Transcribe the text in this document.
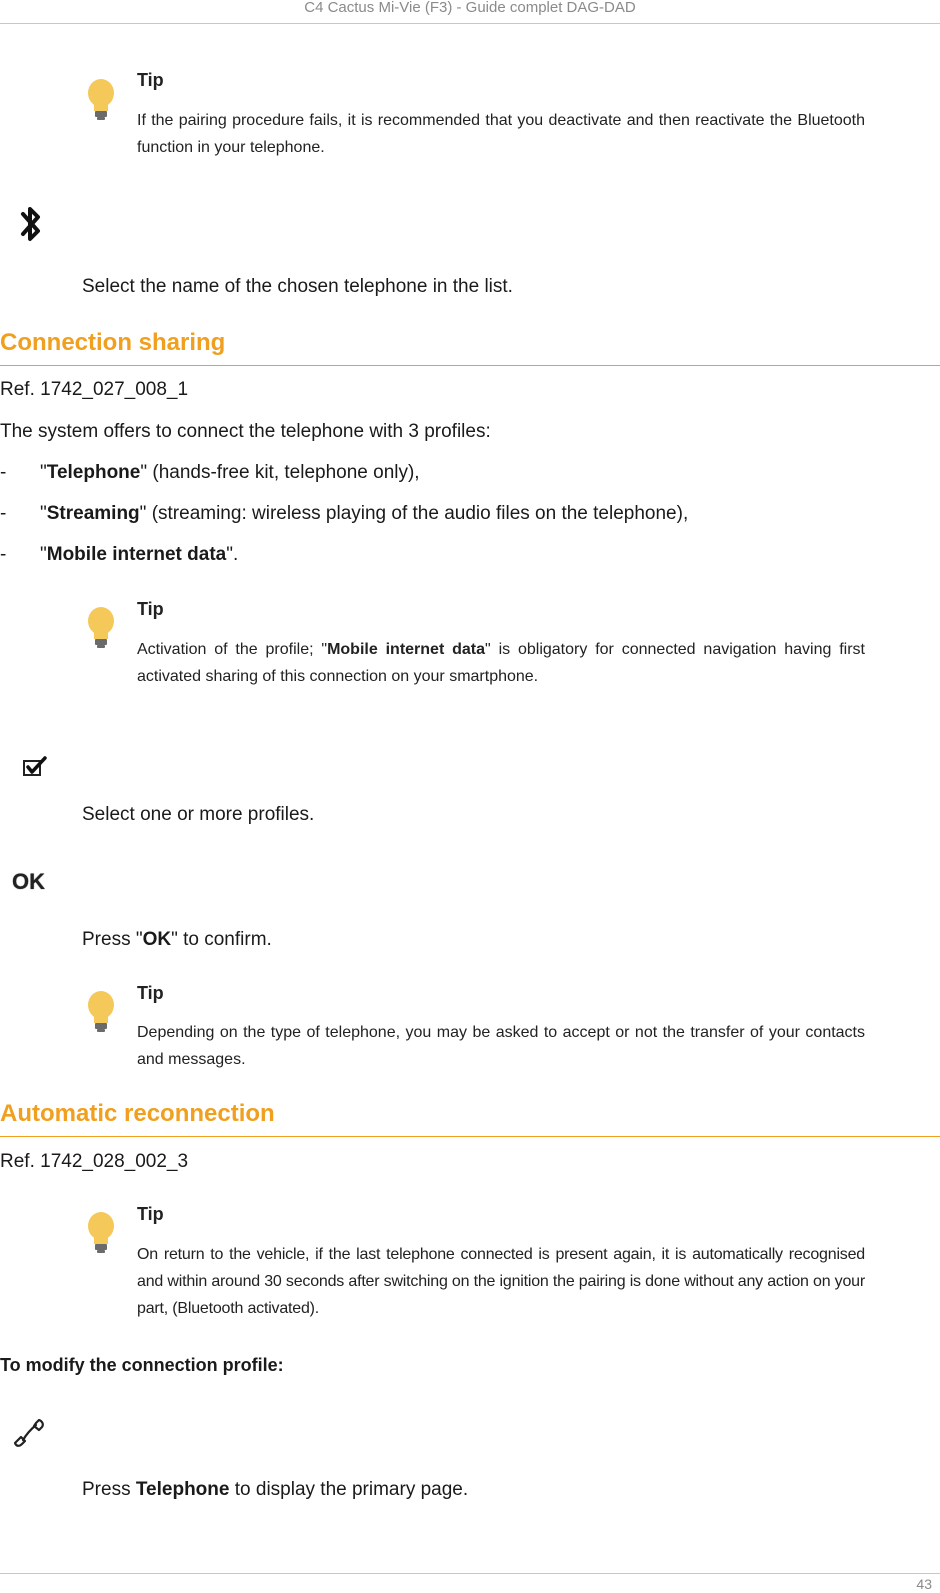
C4 Cactus Mi-Vie (F3) - Guide complet DAG-DAD
Tip
If the pairing procedure fails, it is recommended that you deactivate and then reactivate the Bluetooth function in your telephone.
Select the name of the chosen telephone in the list.
Connection sharing
Ref. 1742_027_008_1
The system offers to connect the telephone with 3 profiles:
- "Telephone" (hands-free kit, telephone only),
- "Streaming" (streaming: wireless playing of the audio files on the telephone),
- "Mobile internet data".
Tip
Activation of the profile; "Mobile internet data" is obligatory for connected navigation having first activated sharing of this connection on your smartphone.
Select one or more profiles.
OK
Press "OK" to confirm.
Tip
Depending on the type of telephone, you may be asked to accept or not the transfer of your contacts and messages.
Automatic reconnection
Ref. 1742_028_002_3
Tip
On return to the vehicle, if the last telephone connected is present again, it is automatically recognised and within around 30 seconds after switching on the ignition the pairing is done without any action on your part, (Bluetooth activated).
To modify the connection profile:
Press Telephone to display the primary page.
43
